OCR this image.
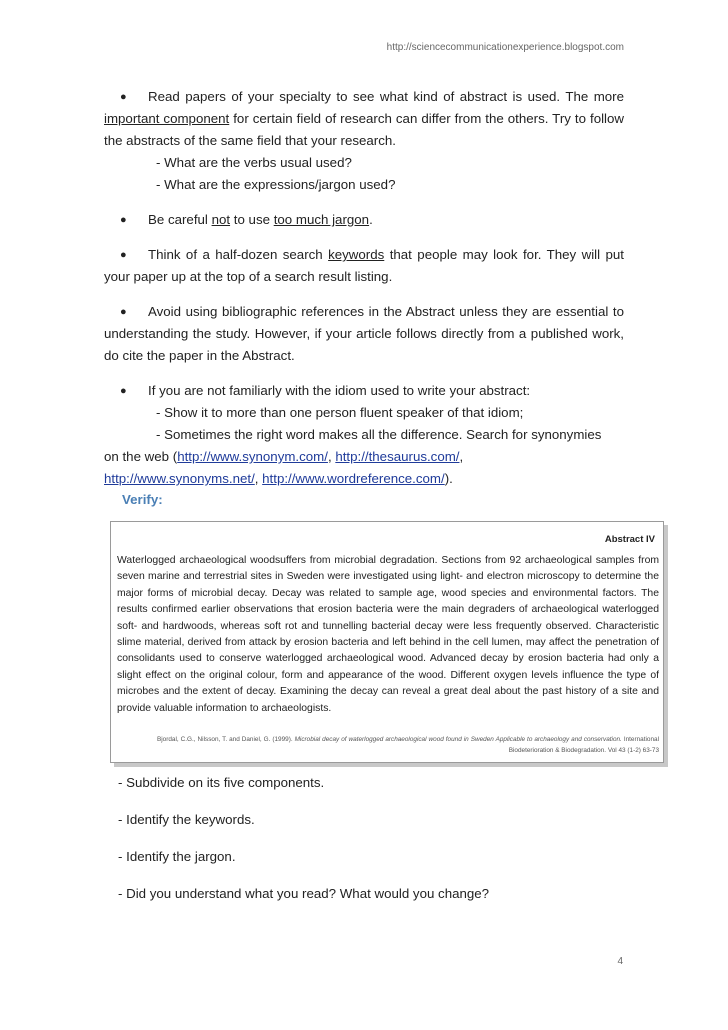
http://sciencecommunicationexperience.blogspot.com

● Read papers of your specialty to see what kind of abstract is used. The more important component for certain field of research can differ from the others. Try to follow the abstracts of the same field that your research.

- What are the verbs usual used?
- What are the expressions/jargon used?

● Be careful not to use too much jargon.

● Think of a half-dozen search keywords that people may look for. They will put your paper up at the top of a search result listing.

● Avoid using bibliographic references in the Abstract unless they are essential to understanding the study. However, if your article follows directly from a published work, do cite the paper in the Abstract.

● If you are not familiarly with the idiom used to write your abstract:

- Show it to more than one person fluent speaker of that idiom;
- Sometimes the right word makes all the difference. Search for synonymies

on the web (http://www.synonym.com/, http://thesaurus.com/,
http://www.synonyms.net/, http://www.wordreference.com/).

Verify:
Abstract IV
Waterlogged archaeological woodsuffers from microbial degradation. Sections from 92 archaeological samples from seven marine and terrestrial sites in Sweden were investigated using light- and electron microscopy to determine the major forms of microbial decay. Decay was related to sample age, wood species and environmental factors. The results confirmed earlier observations that erosion bacteria were the main degraders of archaeological waterlogged soft- and hardwoods, whereas soft rot and tunnelling bacterial decay were less frequently observed. Characteristic slime material, derived from attack by erosion bacteria and left behind in the cell lumen, may affect the penetration of consolidants used to conserve waterlogged archaeological wood. Advanced decay by erosion bacteria had only a slight effect on the original colour, form and appearance of the wood. Different oxygen levels influence the type of microbes and the extent of decay. Examining the decay can reveal a great deal about the past history of a site and provide valuable information to archaeologists.
Bjordal, C.G., Nilsson, T. and Daniel, G. (1999). Microbial decay of waterlogged archaeological wood found in Sweden Applicable to archaeology and conservation. International Biodeterioration & Biodegradation. Vol 43 (1-2) 63-73

- Subdivide on its five components.

- Identify the keywords.

- Identify the jargon.

- Did you understand what you read? What would you change?

4
